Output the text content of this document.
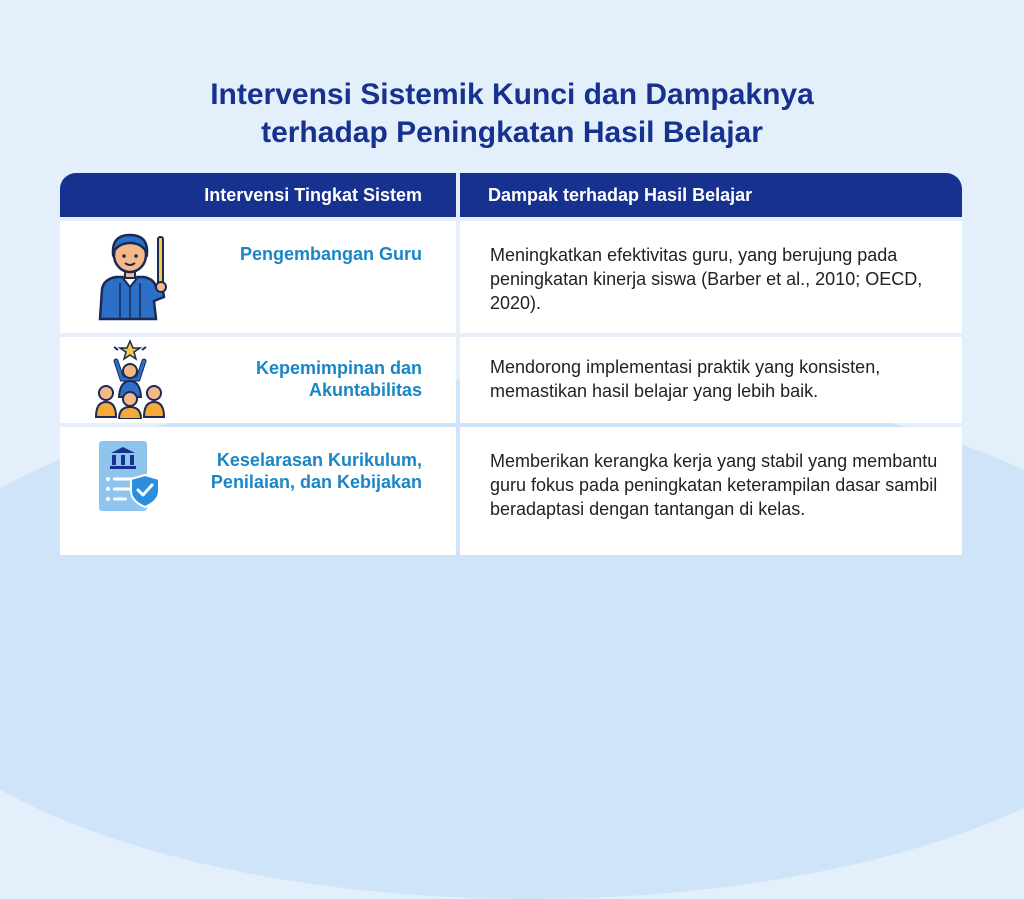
Intervensi Sistemik Kunci dan Dampaknya
terhadap Peningkatan Hasil Belajar
Intervensi Tingkat Sistem	Dampak terhadap Hasil Belajar
Pengembangan Guru	Meningkatkan efektivitas guru, yang berujung pada peningkatan kinerja siswa (Barber et al., 2010; OECD, 2020).
Kepemimpinan dan Akuntabilitas
Mendorong implementasi praktik yang konsisten, memastikan hasil belajar yang lebih baik.
Keselarasan Kurikulum, Penilaian, dan Kebijakan
Memberikan kerangka kerja yang stabil yang membantu guru fokus pada peningkatan keterampilan dasar sambil beradaptasi dengan tantangan di kelas.
